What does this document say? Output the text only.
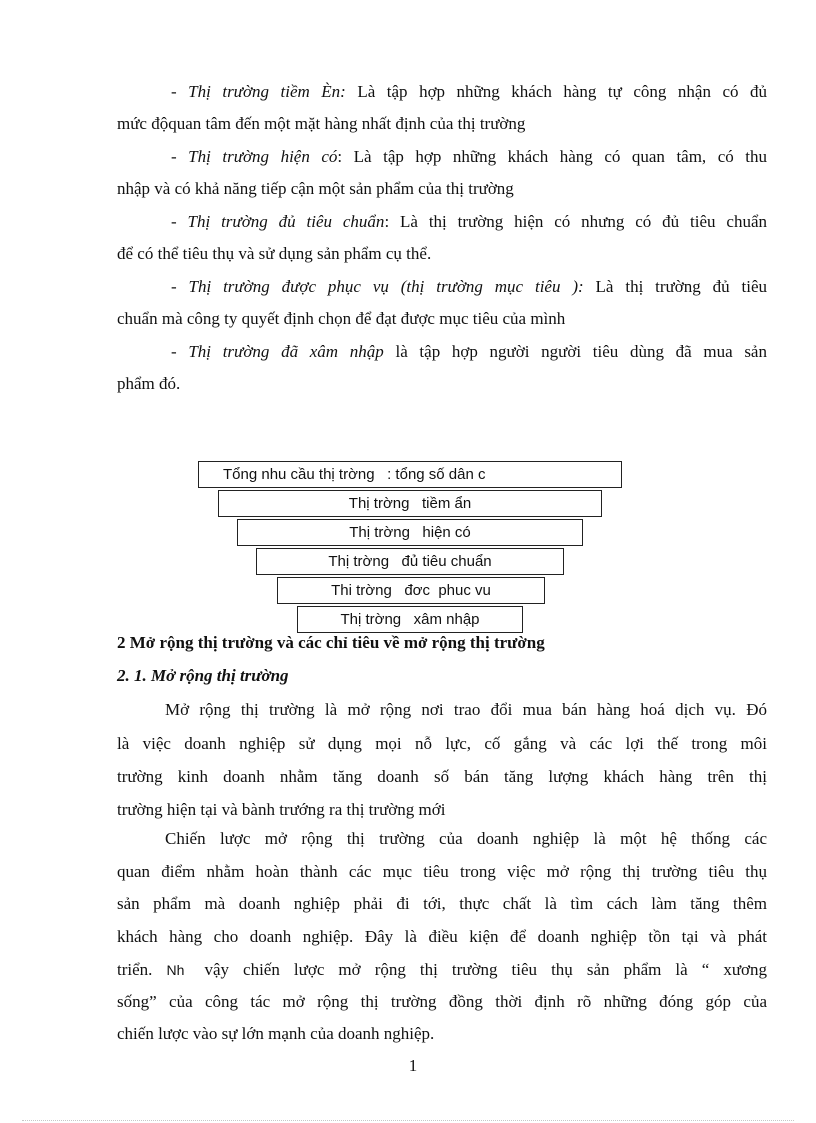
- Thị trường tiềm Èn: Là tập hợp những khách hàng tự công nhận có đủ
mức độquan tâm đến một mặt hàng nhất định của thị trường
- Thị trường hiện có: Là tập hợp những khách hàng có quan tâm, có thu
nhập và có khả năng tiếp cận một sản phẩm của thị trường
- Thị trường đủ tiêu chuẩn: Là thị trường hiện có nhưng có đủ tiêu chuẩn
để có thể tiêu thụ và sử dụng sản phẩm cụ thể.
- Thị trường được phục vụ (thị trường mục tiêu ): Là thị trường đủ tiêu
chuẩn mà công ty quyết định chọn để đạt được mục tiêu của mình
- Thị trường đã xâm nhập là tập hợp người người tiêu dùng đã mua sản
phẩm đó.
Tổng nhu cầu thị trờng   : tổng số dân c
Thị trờng   tiềm ẩn
Thị trờng   hiện có
Thị trờng   đủ tiêu chuẩn
Thi trờng   đơc  phuc vu
Thị trờng   xâm nhập
2 Mở rộng thị trường và các chỉ tiêu về mở rộng thị trường
2. 1. Mở rộng thị trường
Mở rộng thị trường là mở rộng nơi trao đổi mua bán hàng hoá dịch vụ. Đó
là việc doanh nghiệp sử dụng mọi nỗ lực, cố gắng và các lợi thế trong môi
trường kinh doanh nhằm tăng doanh số bán tăng lượng khách hàng trên thị
trường hiện tại và bành trướng ra thị trường mới
Chiến lược mở rộng thị trường của doanh nghiệp là một hệ thống các
quan điểm nhằm hoàn thành các mục tiêu trong việc mở rộng thị trường tiêu thụ
sản phẩm mà doanh nghiệp phải đi tới, thực chất là tìm cách làm tăng thêm
khách hàng cho doanh nghiệp. Đây là điều kiện để doanh nghiệp tồn tại và phát
triển. Nh vậy chiến lược mở rộng thị trường tiêu thụ sản phẩm là “ xương
sống” của công tác mở rộng thị trường đồng thời định rõ những đóng góp của
chiến lược vào sự lớn mạnh của doanh nghiệp.
1
